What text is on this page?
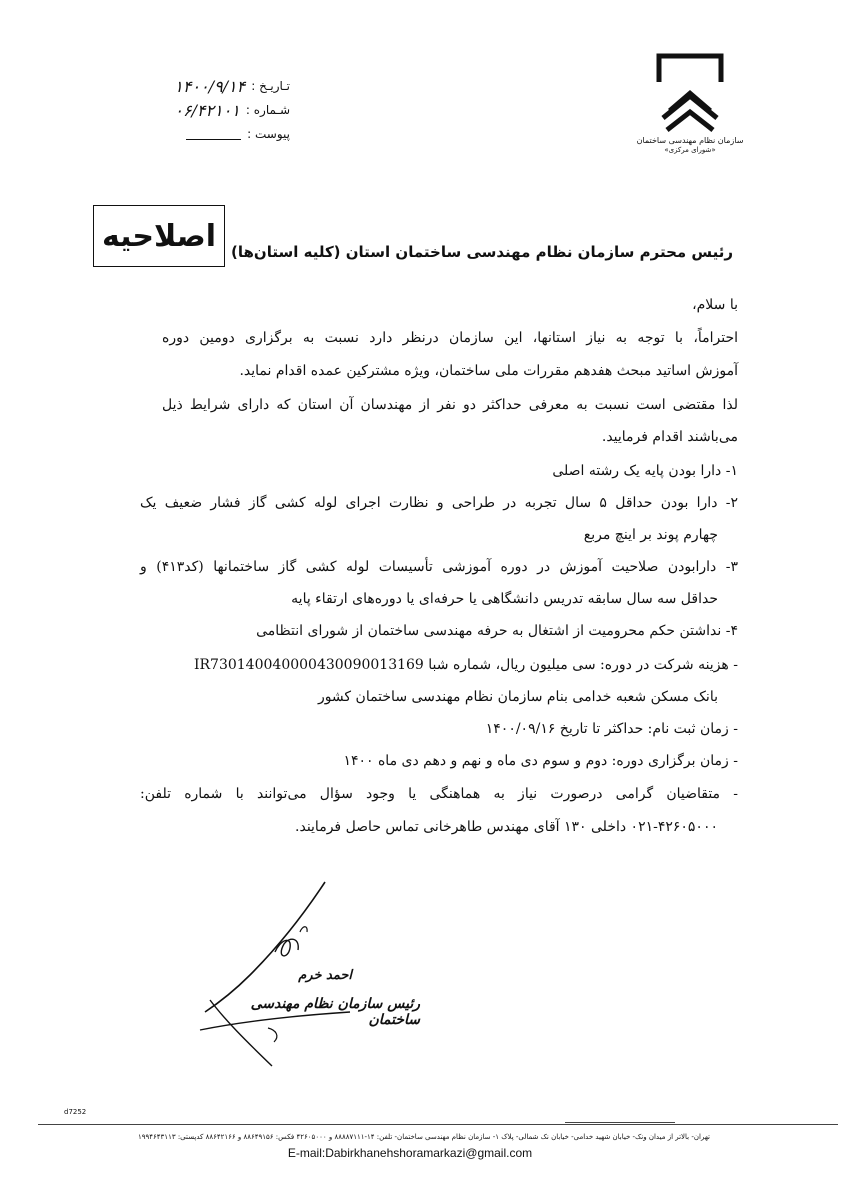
سازمان نظام مهندسی ساختمان
«شورای مرکزی»
تـاریـخ :
۱۴۰۰/۹/۱۴
شـماره :
۰۶/۴۲۱۰۱
پیوست :
اصلاحیه رئیس محترم سازمان نظام مهندسی ساختمان استان (کلیه استان‌ها)
با سلام،
احتراماً، با توجه به نیاز استانها، این سازمان درنظر دارد نسبت به برگزاری دومین دوره
آموزش اساتید مبحث هفدهم مقررات ملی ساختمان، ویژه مشترکین عمده اقدام نماید.
لذا مقتضی است نسبت به معرفی حداکثر دو نفر از مهندسان آن استان که دارای شرایط ذیل
می‌باشند اقدام فرمایید.
۱- دارا بودن پایه یک رشته اصلی
۲- دارا بودن حداقل ۵ سال تجربه در طراحی و نظارت اجرای لوله کشی گاز فشار ضعیف یک
چهارم پوند بر اینچ مربع
۳- دارابودن صلاحیت آموزش در دوره آموزشی تأسیسات لوله کشی گاز ساختمانها (کد۴۱۳) و
حداقل سه سال سابقه تدریس دانشگاهی یا حرفه‌ای یا دوره‌های ارتقاء پایه
۴- نداشتن حکم محرومیت از اشتغال به حرفه مهندسی ساختمان از شورای انتظامی
- هزینه شرکت در دوره: سی میلیون ریال، شماره شبا IR730140040000430090013169
بانک مسکن شعبه خدامی بنام سازمان نظام مهندسی ساختمان کشور
- زمان ثبت نام: حداکثر تا تاریخ ۱۴۰۰/۰۹/۱۶
- زمان برگزاری دوره: دوم و سوم دی ماه و نهم و دهم دی ماه ۱۴۰۰
- متقاضیان گرامی درصورت نیاز به هماهنگی یا وجود سؤال می‌توانند با شماره تلفن:
۰۲۱-۴۲۶۰۵۰۰۰ داخلی ۱۳۰ آقای مهندس طاهرخانی تماس حاصل فرمایند.
احمد خرم
رئیس سازمان نظام مهندسی ساختمان
d7252
تهران- بالاتر از میدان ونک- خیابان شهید خدامی- خیابان نک شمالی- پلاک ۱- سازمان نظام مهندسی ساختمان- تلفن: ۱۴-۸۸۸۸۷۱۱۱ و ۴۲۶۰۵۰۰۰ فکس: ۸۸۶۴۹۱۵۶ و ۸۸۶۴۲۱۶۶ کدپستی: ۱۹۹۴۶۴۳۱۱۳
E-mail:Dabirkhanehshoramarkazi@gmail.com
